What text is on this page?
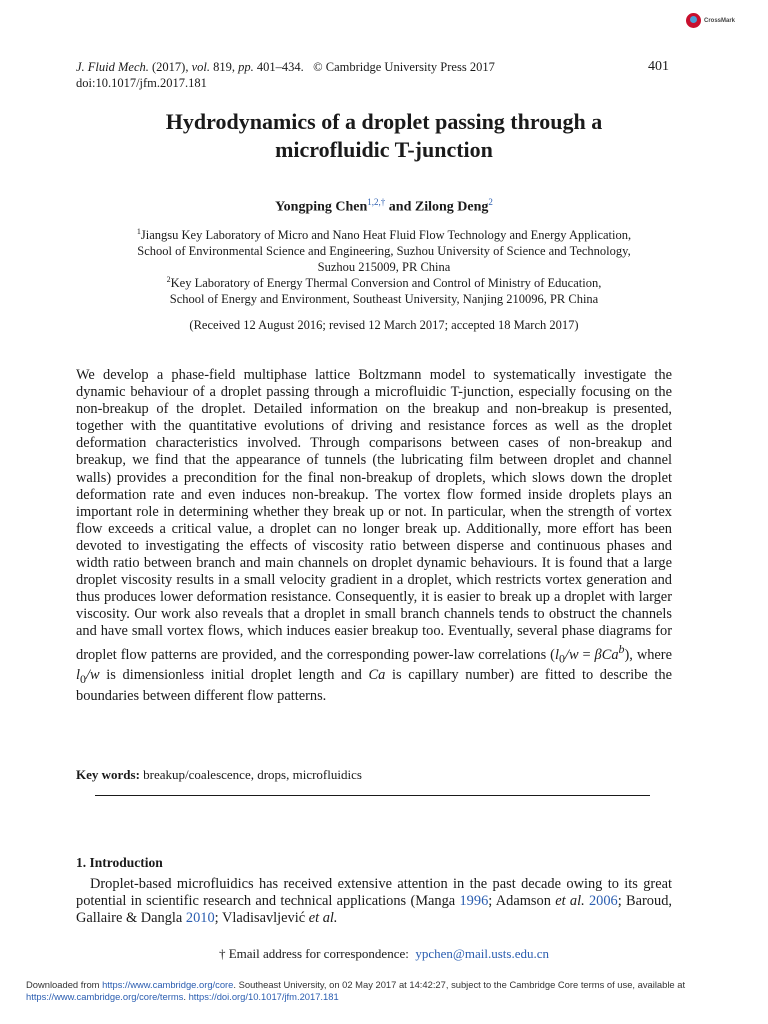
CrossMark
J. Fluid Mech. (2017), vol. 819, pp. 401–434. © Cambridge University Press 2017	401
doi:10.1017/jfm.2017.181
Hydrodynamics of a droplet passing through a
microfluidic T-junction
Yongping Chen$^{1,2,\dagger}$ and Zilong Deng$^2$
$^1$Jiangsu Key Laboratory of Micro and Nano Heat Fluid Flow Technology and Energy Application,
School of Environmental Science and Engineering, Suzhou University of Science and Technology,
Suzhou 215009, PR China
$^2$Key Laboratory of Energy Thermal Conversion and Control of Ministry of Education,
School of Energy and Environment, Southeast University, Nanjing 210096, PR China
(Received 12 August 2016; revised 12 March 2017; accepted 18 March 2017)
We develop a phase-field multiphase lattice Boltzmann model to systematically investigate the dynamic behaviour of a droplet passing through a microfluidic T-junction, especially focusing on the non-breakup of the droplet. Detailed information on the breakup and non-breakup is presented, together with the quantitative evolutions of driving and resistance forces as well as the droplet deformation characteristics involved. Through comparisons between cases of non-breakup and breakup, we find that the appearance of tunnels (the lubricating film between droplet and channel walls) provides a precondition for the final non-breakup of droplets, which slows down the droplet deformation rate and even induces non-breakup. The vortex flow formed inside droplets plays an important role in determining whether they break up or not. In particular, when the strength of vortex flow exceeds a critical value, a droplet can no longer break up. Additionally, more effort has been devoted to investigating the effects of viscosity ratio between disperse and continuous phases and width ratio between branch and main channels on droplet dynamic behaviours. It is found that a large droplet viscosity results in a small velocity gradient in a droplet, which restricts vortex generation and thus produces lower deformation resistance. Consequently, it is easier to break up a droplet with larger viscosity. Our work also reveals that a droplet in small branch channels tends to obstruct the channels and have small vortex flows, which induces easier breakup too. Eventually, several phase diagrams for droplet flow patterns are provided, and the corresponding power-law correlations $(l_0/w = \beta Ca^b)$, where $l_0/w$ is dimensionless initial droplet length and Ca is capillary number) are fitted to describe the boundaries between different flow patterns.
Key words: breakup/coalescence, drops, microfluidics
1. Introduction
Droplet-based microfluidics has received extensive attention in the past decade owing to its great potential in scientific research and technical applications (Manga 1996; Adamson et al. 2006; Baroud, Gallaire & Dangla 2010; Vladisavljević et al.
† Email address for correspondence: ypchen@mail.usts.edu.cn
Downloaded from https://www.cambridge.org/core. Southeast University, on 02 May 2017 at 14:42:27, subject to the Cambridge Core terms of use, available at
https://www.cambridge.org/core/terms. https://doi.org/10.1017/jfm.2017.181
